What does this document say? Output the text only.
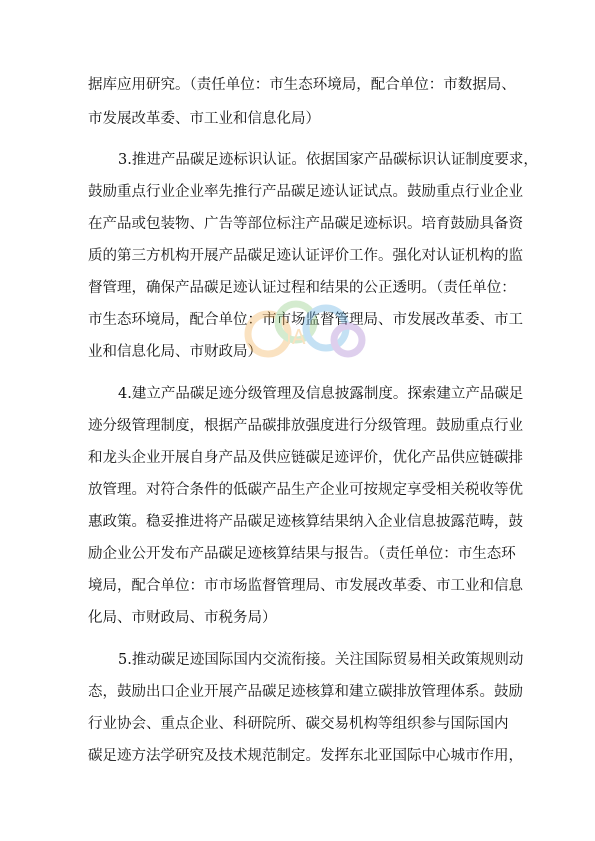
据库应用研究。（责任单位：市生态环境局，配合单位：市数据局、
市发展改革委、市工业和信息化局）
3.推进产品碳足迹标识认证。依据国家产品碳标识认证制度要求，
鼓励重点行业企业率先推行产品碳足迹认证试点。鼓励重点行业企业
在产品或包装物、广告等部位标注产品碳足迹标识。培育鼓励具备资
质的第三方机构开展产品碳足迹认证评价工作。强化对认证机构的监
督管理，确保产品碳足迹认证过程和结果的公正透明。（责任单位：
市生态环境局，配合单位：市市场监督管理局、市发展改革委、市工
业和信息化局、市财政局）
4.建立产品碳足迹分级管理及信息披露制度。探索建立产品碳足
迹分级管理制度，根据产品碳排放强度进行分级管理。鼓励重点行业
和龙头企业开展自身产品及供应链碳足迹评价，优化产品供应链碳排
放管理。对符合条件的低碳产品生产企业可按规定享受相关税收等优
惠政策。稳妥推进将产品碳足迹核算结果纳入企业信息披露范畴，鼓
励企业公开发布产品碳足迹核算结果与报告。（责任单位：市生态环
境局，配合单位：市市场监督管理局、市发展改革委、市工业和信息
化局、市财政局、市税务局）
5.推动碳足迹国际国内交流衔接。关注国际贸易相关政策规则动
态，鼓励出口企业开展产品碳足迹核算和建立碳排放管理体系。鼓励
行业协会、重点企业、科研院所、碳交易机构等组织参与国际国内
碳足迹方法学研究及技术规范制定。发挥东北亚国际中心城市作用，
IA
